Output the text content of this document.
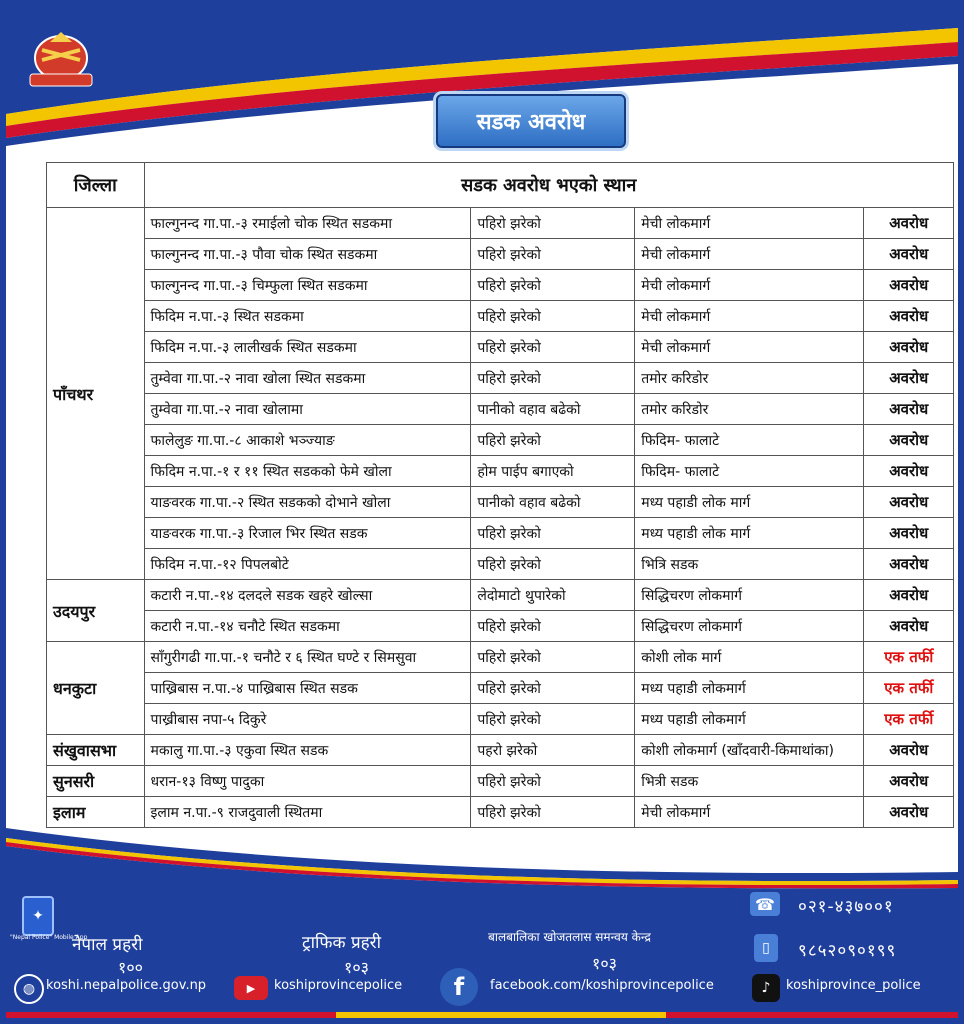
सडक अवरोध
जिल्ला	सडक अवरोध भएको स्थान			
पाँचथर	फाल्गुनन्द गा.पा.-३ रमाईलो चोक स्थित सडकमा	पहिरो झरेको	मेची लोकमार्ग	अवरोध
	फाल्गुनन्द गा.पा.-३ पौवा चोक स्थित सडकमा	पहिरो झरेको	मेची लोकमार्ग	अवरोध
	फाल्गुनन्द गा.पा.-३ चिम्फुला स्थित सडकमा	पहिरो झरेको	मेची लोकमार्ग	अवरोध
	फिदिम न.पा.-३ स्थित सडकमा	पहिरो झरेको	मेची लोकमार्ग	अवरोध
	फिदिम न.पा.-३ लालीखर्क स्थित सडकमा	पहिरो झरेको	मेची लोकमार्ग	अवरोध
	तुम्वेवा गा.पा.-२ नावा खोला स्थित सडकमा	पहिरो झरेको	तमोर करिडोर	अवरोध
	तुम्वेवा गा.पा.-२ नावा खोलामा	पानीको वहाव बढेको	तमोर करिडोर	अवरोध
	फालेलुङ गा.पा.-८ आकाशे भञ्ज्याङ	पहिरो झरेको	फिदिम- फालाटे	अवरोध
	फिदिम न.पा.-१ र ११ स्थित सडकको फेमे खोला	होम पाईप बगाएको	फिदिम- फालाटे	अवरोध
	याङवरक गा.पा.-२ स्थित सडकको दोभाने खोला	पानीको वहाव बढेको	मध्य पहाडी लोक मार्ग	अवरोध
	याङवरक गा.पा.-३ रिजाल भिर स्थित सडक	पहिरो झरेको	मध्य पहाडी लोक मार्ग	अवरोध
	फिदिम न.पा.-१२ पिपलबोटे	पहिरो झरेको	भित्रि सडक	अवरोध
उदयपुर	कटारी न.पा.-१४ दलदले सडक खहरे खोल्सा	लेदोमाटो थुपारेको	सिद्धिचरण लोकमार्ग	अवरोध
	कटारी न.पा.-१४ चनौटे स्थित सडकमा	पहिरो झरेको	सिद्धिचरण लोकमार्ग	अवरोध
धनकुटा	साँगुरीगढी गा.पा.-१ चनौटे र ६ स्थित घण्टे र सिमसुवा	पहिरो झरेको	कोशी लोक मार्ग	एक तर्फी
	पाख्रिबास न.पा.-४ पाख्रिबास स्थित सडक	पहिरो झरेको	मध्य पहाडी लोकमार्ग	एक तर्फी
	पाख्रीबास नपा-५ दिकुरे	पहिरो झरेको	मध्य पहाडी लोकमार्ग	एक तर्फी
संखुवासभा	मकालु गा.पा.-३ एकुवा स्थित सडक	पहरो झरेको	कोशी लोकमार्ग (खाँदवारी-किमाथांका)	अवरोध
सुनसरी	धरान-१३ विष्णु पादुका	पहिरो झरेको	भित्री सडक	अवरोध
इलाम	इलाम न.पा.-९ राजदुवाली स्थितमा	पहिरो झरेको	मेची लोकमार्ग	अवरोध
✦
"Nepal Police" Mobile App
नेपाल प्रहरी
१००
ट्राफिक प्रहरी
१०३
बालबालिका खोजतलास समन्वय केन्द्र
१०३
☎ ०२१-४३७००१
▯	९८५२०९०१९९
◍ koshi.nepalpolice.gov.np	▶	koshiprovincepolice	f	facebook.com/koshiprovincepolice	♪	koshiprovince_police
